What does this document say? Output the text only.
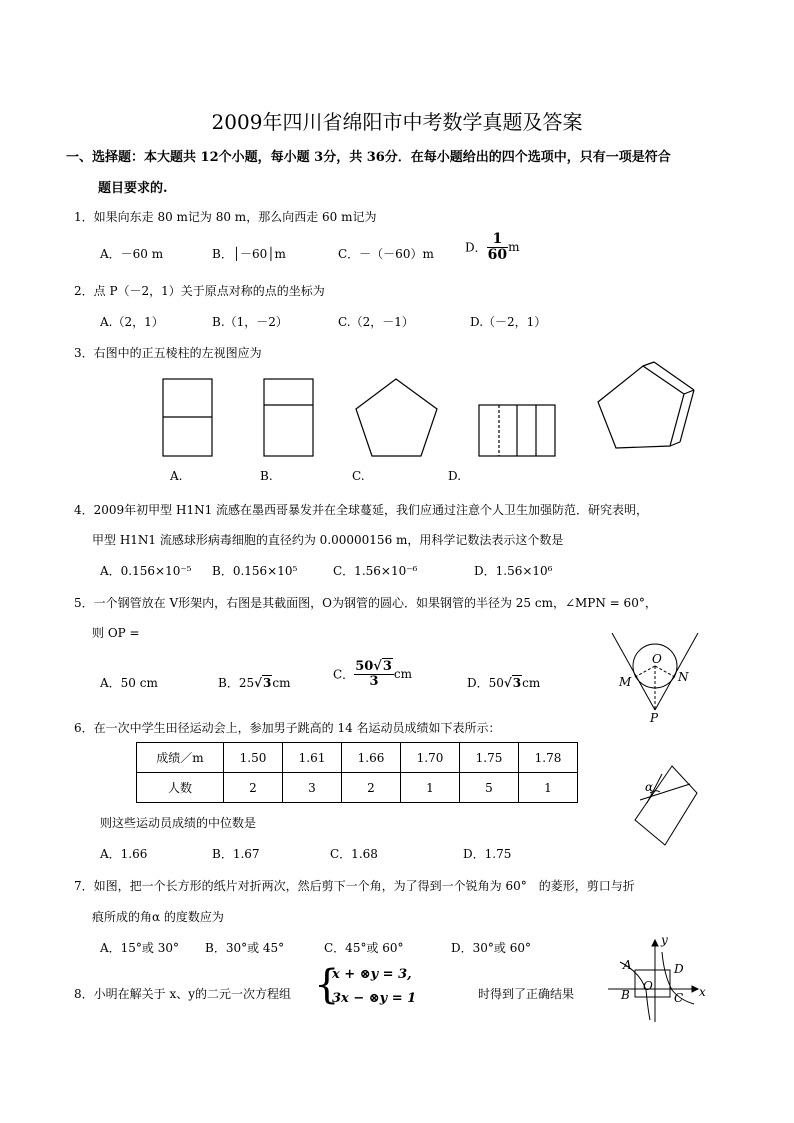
2009年四川省绵阳市中考数学真题及答案
一、选择题：本大题共 12个小题，每小题 3分，共 36分．在每小题给出的四个选项中，只有一项是符合
题目要求的.
1．如果向东走 80 m记为 80 m，那么向西走 60 m记为
A．－60 m	B．│－60│m	C．－（－60）m	D． $\frac{1}{60}$ m
2．点 P（－2，1）关于原点对称的点的坐标为
A.（2，1）	B.（1，－2）	C.（2，－1）	D.（－2，1）
3．右图中的正五棱柱的左视图应为
A.	B.	C.	D.
4．2009年初甲型 H1N1 流感在墨西哥暴发并在全球蔓延，我们应通过注意个人卫生加强防范．研究表明，
甲型 H1N1 流感球形病毒细胞的直径约为 0.00000156 m，用科学记数法表示这个数是
A．0.156×10⁻⁵ B．0.156×10⁵	C．1.56×10⁻⁶	D．1.56×10⁶
5．一个钢管放在 V形架内，右图是其截面图，O为钢管的圆心．如果钢管的半径为 25 cm，∠MPN = 60°，
则 OP =
A．50 cm	B．25√3cm
C． $\frac{50√3}{3}$ cm
D．50√3cm
O
M	N
P
6．在一次中学生田径运动会上，参加男子跳高的 14 名运动员成绩如下表所示：
成绩／m	1.50	1.61	1.66	1.70	1.75	1.78
人数	2	3	2	1	5	1
则这些运动员成绩的中位数是
A．1.66	B．1.67	C．1.68	D．1.75
α
7．如图，把一个长方形的纸片对折两次，然后剪下一个角，为了得到一个锐角为 60°　的菱形，剪口与折
痕所成的角α 的度数应为
A．15°或 30° B．30°或 45°	C．45°或 60°	D．30°或 60°
8．小明在解关于 x、y的二元一次方程组 {
x + ⊗y = 3,
3x − ⊗y = 1	时得到了正确结果
y
x
A
B	C
D
O
